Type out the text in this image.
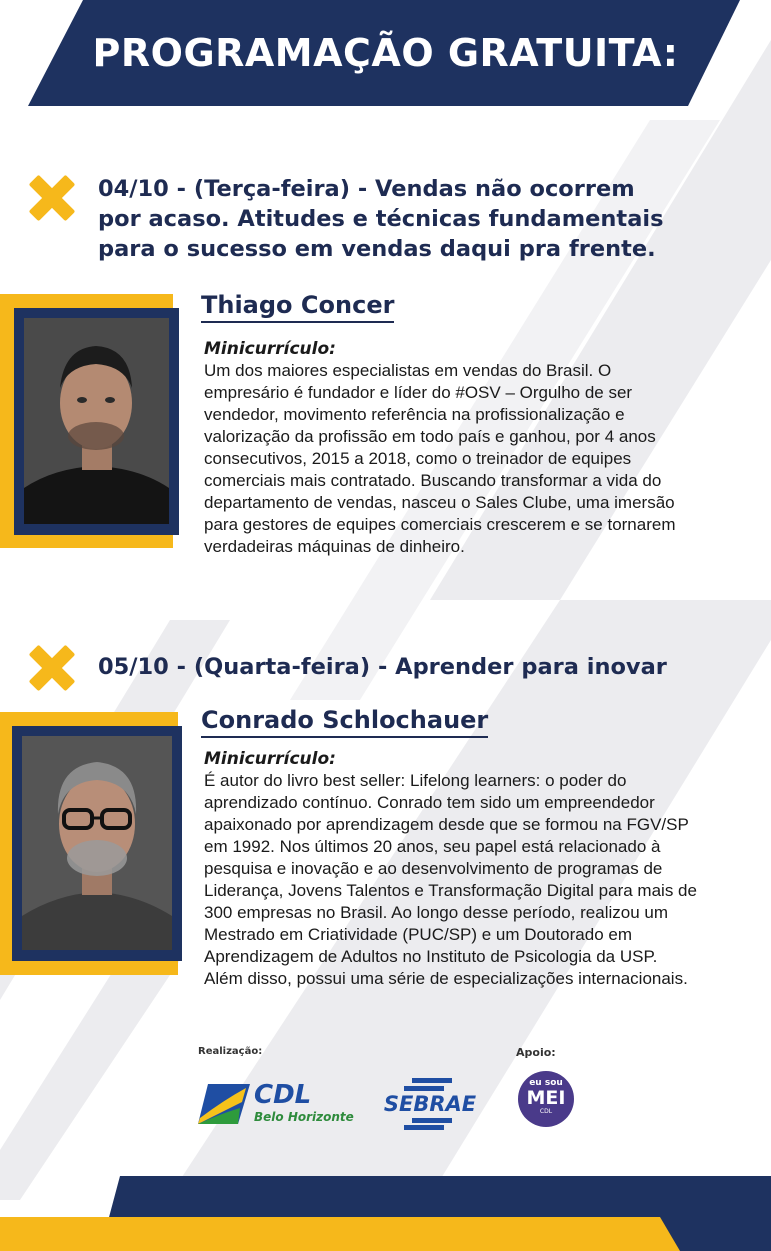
PROGRAMAÇÃO GRATUITA:
04/10 - (Terça-feira) - Vendas não ocorrem
por acaso. Atitudes e técnicas fundamentais
para o sucesso em vendas daqui pra frente.
Thiago Concer
Minicurrículo:
Um dos maiores especialistas em vendas do Brasil. O
empresário é fundador e líder do #OSV – Orgulho de ser
vendedor, movimento referência na profissionalização e
valorização da profissão em todo país e ganhou, por 4 anos
consecutivos, 2015 a 2018, como o treinador de equipes
comerciais mais contratado. Buscando transformar a vida do
departamento de vendas, nasceu o Sales Clube, uma imersão
para gestores de equipes comerciais crescerem e se tornarem
verdadeiras máquinas de dinheiro.
05/10 - (Quarta-feira) - Aprender para inovar
Conrado Schlochauer
Minicurrículo:
É autor do livro best seller: Lifelong learners: o poder do
aprendizado contínuo. Conrado tem sido um empreendedor
apaixonado por aprendizagem desde que se formou na FGV/SP
em 1992. Nos últimos 20 anos, seu papel está relacionado à
pesquisa e inovação e ao desenvolvimento de programas de
Liderança, Jovens Talentos e Transformação Digital para mais de
300 empresas no Brasil. Ao longo desse período, realizou um
Mestrado em Criatividade (PUC/SP) e um Doutorado em
Aprendizagem de Adultos no Instituto de Psicologia da USP.
Além disso, possui uma série de especializações internacionais.
Realização:	Apoio:
CDL
Belo Horizonte
SEBRAE
eu sou
MEI
CDL
